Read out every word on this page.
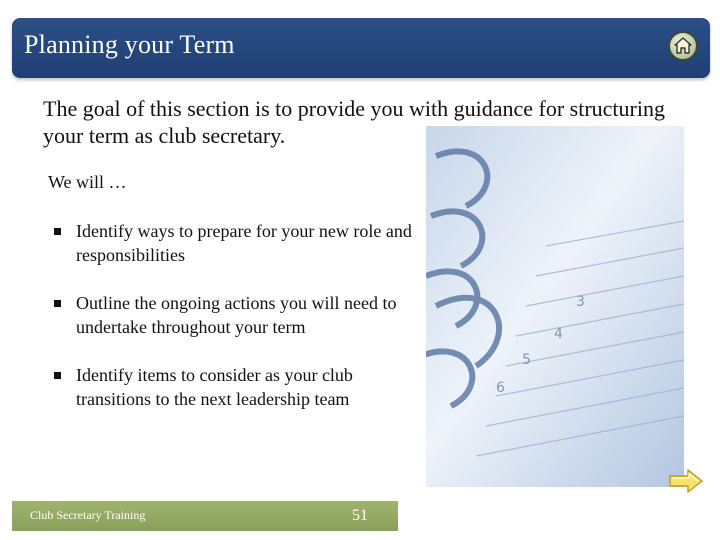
Planning your Term
3
4
5
6
The goal of this section is to provide you with guidance for structuring your term as club secretary.
We will …
Identify ways to prepare for your new role and responsibilities
Outline the ongoing actions you will need to undertake throughout your term
Identify items to consider as your club transitions to the next leadership team
Club Secretary Training	51
